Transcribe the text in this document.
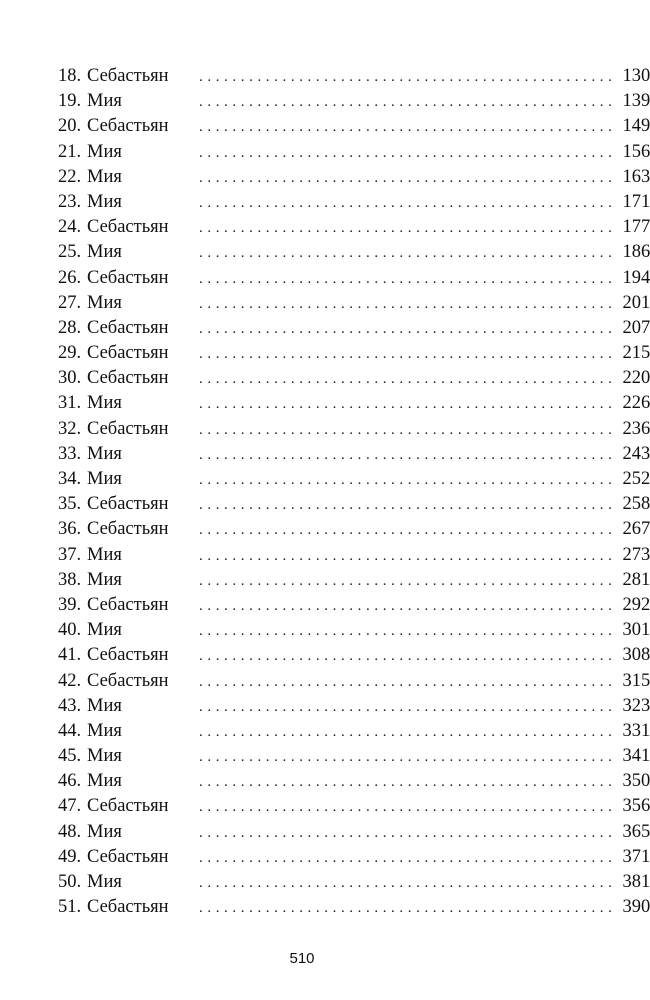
18. Себастьян	.................................................. 130
19. Мия	.................................................. 139
20. Себастьян	.................................................. 149
21. Мия	.................................................. 156
22. Мия	.................................................. 163
23. Мия	.................................................. 171
24. Себастьян	.................................................. 177
25. Мия	.................................................. 186
26. Себастьян	.................................................. 194
27. Мия	.................................................. 201
28. Себастьян	.................................................. 207
29. Себастьян	.................................................. 215
30. Себастьян	.................................................. 220
31. Мия	.................................................. 226
32. Себастьян	.................................................. 236
33. Мия	.................................................. 243
34. Мия	.................................................. 252
35. Себастьян	.................................................. 258
36. Себастьян	.................................................. 267
37. Мия	.................................................. 273
38. Мия	.................................................. 281
39. Себастьян	.................................................. 292
40. Мия	.................................................. 301
41. Себастьян	.................................................. 308
42. Себастьян	.................................................. 315
43. Мия	.................................................. 323
44. Мия	.................................................. 331
45. Мия	.................................................. 341
46. Мия	.................................................. 350
47. Себастьян	.................................................. 356
48. Мия	.................................................. 365
49. Себастьян	.................................................. 371
50. Мия	.................................................. 381
51. Себастьян	.................................................. 390
510
